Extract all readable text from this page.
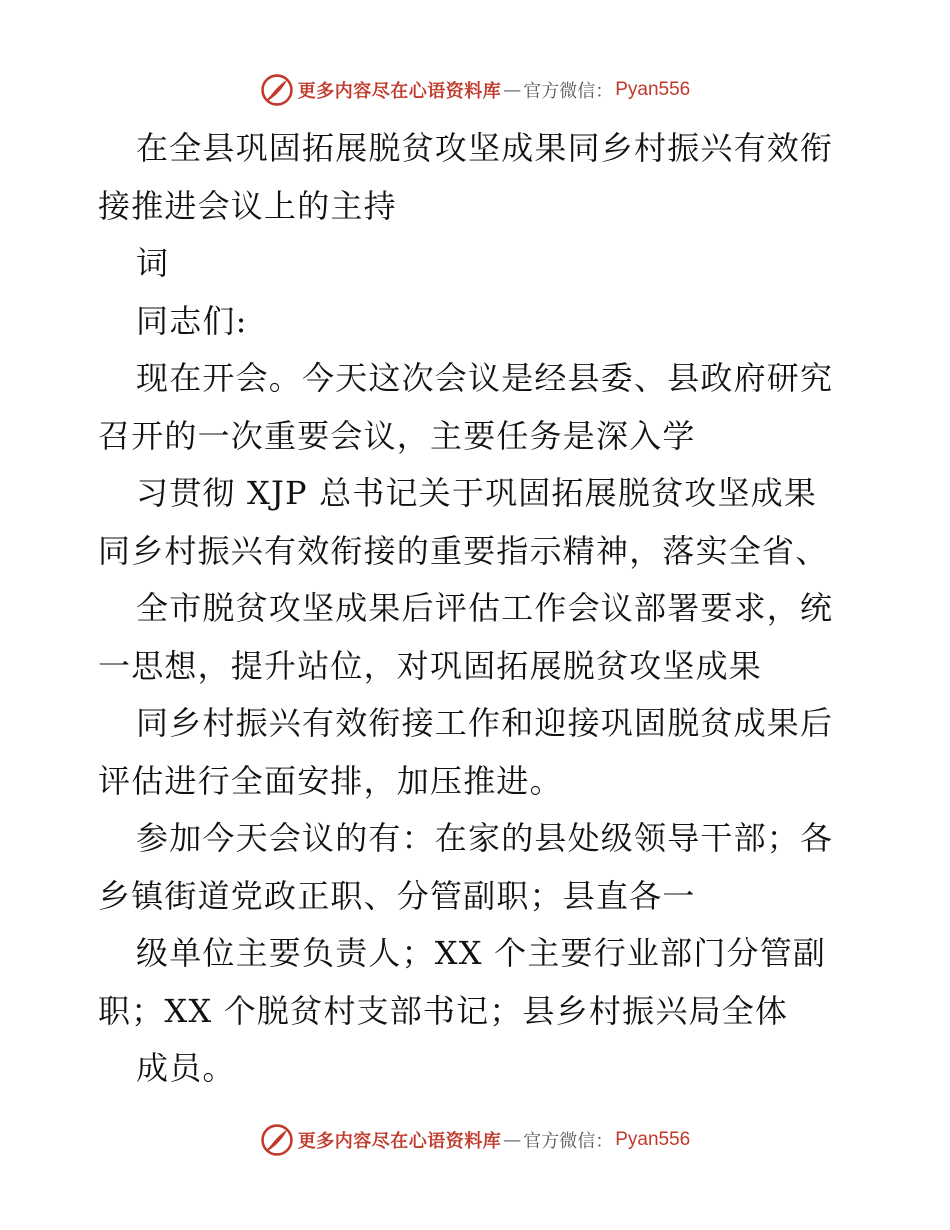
更多内容尽在心语资料库 — 官方微信： Pyan556
在全县巩固拓展脱贫攻坚成果同乡村振兴有效衔
接推进会议上的主持
词
同志们:
现在开会。今天这次会议是经县委、县政府研究
召开的一次重要会议，主要任务是深入学
习贯彻 XJP 总书记关于巩固拓展脱贫攻坚成果
同乡村振兴有效衔接的重要指示精神，落实全省、
全市脱贫攻坚成果后评估工作会议部署要求，统
一思想，提升站位，对巩固拓展脱贫攻坚成果
同乡村振兴有效衔接工作和迎接巩固脱贫成果后
评估进行全面安排，加压推进。
参加今天会议的有：在家的县处级领导干部；各
乡镇街道党政正职、分管副职；县直各一
级单位主要负责人；XX 个主要行业部门分管副
职；XX 个脱贫村支部书记；县乡村振兴局全体
成员。
更多内容尽在心语资料库 — 官方微信： Pyan556
